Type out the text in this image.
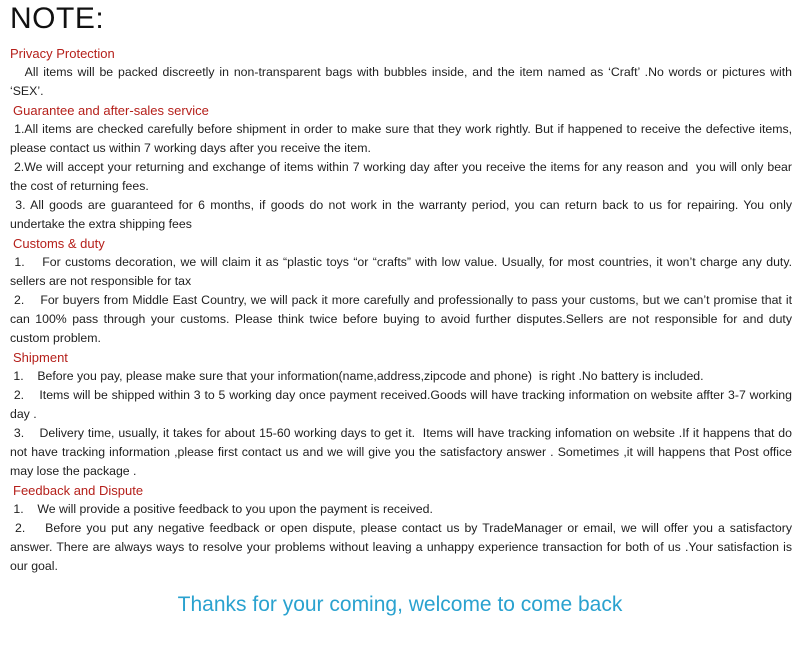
NOTE:
Privacy Protection

All items will be packed discreetly in non-transparent bags with bubbles inside, and the item named as ‘Craft’ .No words or pictures with ‘SEX’.

Guarantee and after-sales service

1.All items are checked carefully before shipment in order to make sure that they work rightly. But if happened to receive the defective items, please contact us within 7 working days after you receive the item.

2.We will accept your returning and exchange of items within 7 working day after you receive the items for any reason and  you will only bear the cost of returning fees.

3. All goods are guaranteed for 6 months, if goods do not work in the warranty period, you can return back to us for repairing. You only undertake the extra shipping fees

Customs & duty

1.    For customs decoration, we will claim it as “plastic toys “or “crafts” with low value. Usually, for most countries, it won’t charge any duty. sellers are not responsible for tax

2.    For buyers from Middle East Country, we will pack it more carefully and professionally to pass your customs, but we can’t promise that it can 100% pass through your customs. Please think twice before buying to avoid further disputes.Sellers are not responsible for and duty custom problem.

Shipment

1.    Before you pay, please make sure that your information(name,address,zipcode and phone)  is right .No battery is included.

2.    Items will be shipped within 3 to 5 working day once payment received.Goods will have tracking information on website affter 3-7 working day .

3.    Delivery time, usually, it takes for about 15-60 working days to get it.  Items will have tracking infomation on website .If it happens that do not have tracking information ,please first contact us and we will give you the satisfactory answer . Sometimes ,it will happens that Post office may lose the package .

Feedback and Dispute

1.    We will provide a positive feedback to you upon the payment is received.

2.    Before you put any negative feedback or open dispute, please contact us by TradeManager or email, we will offer you a satisfactory answer. There are always ways to resolve your problems without leaving a unhappy experience transaction for both of us .Your satisfaction is our goal.

Thanks for your coming, welcome to come back
